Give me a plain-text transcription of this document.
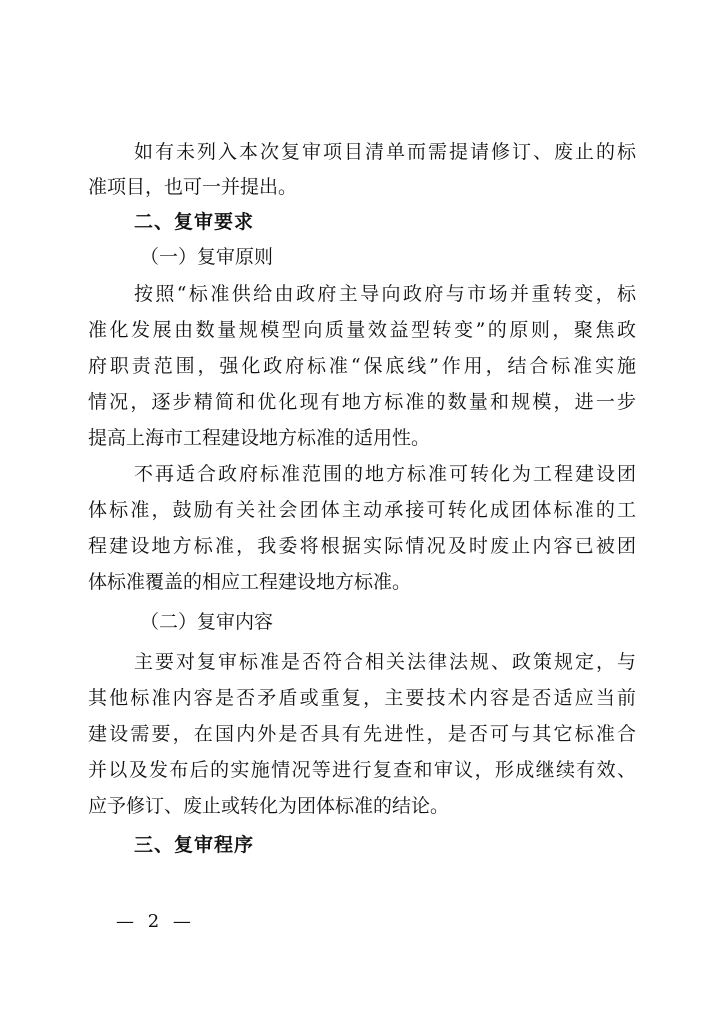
如有未列入本次复审项目清单而需提请修订、废止的标
准项目，也可一并提出。
二、复审要求
（一）复审原则
按照“标准供给由政府主导向政府与市场并重转变，标
准化发展由数量规模型向质量效益型转变”的原则，聚焦政
府职责范围，强化政府标准“保底线”作用，结合标准实施
情况，逐步精简和优化现有地方标准的数量和规模，进一步
提高上海市工程建设地方标准的适用性。
不再适合政府标准范围的地方标准可转化为工程建设团
体标准，鼓励有关社会团体主动承接可转化成团体标准的工
程建设地方标准，我委将根据实际情况及时废止内容已被团
体标准覆盖的相应工程建设地方标准。
（二）复审内容
主要对复审标准是否符合相关法律法规、政策规定，与
其他标准内容是否矛盾或重复，主要技术内容是否适应当前
建设需要，在国内外是否具有先进性，是否可与其它标准合
并以及发布后的实施情况等进行复查和审议，形成继续有效、
应予修订、废止或转化为团体标准的结论。
三、复审程序
— 2 —
